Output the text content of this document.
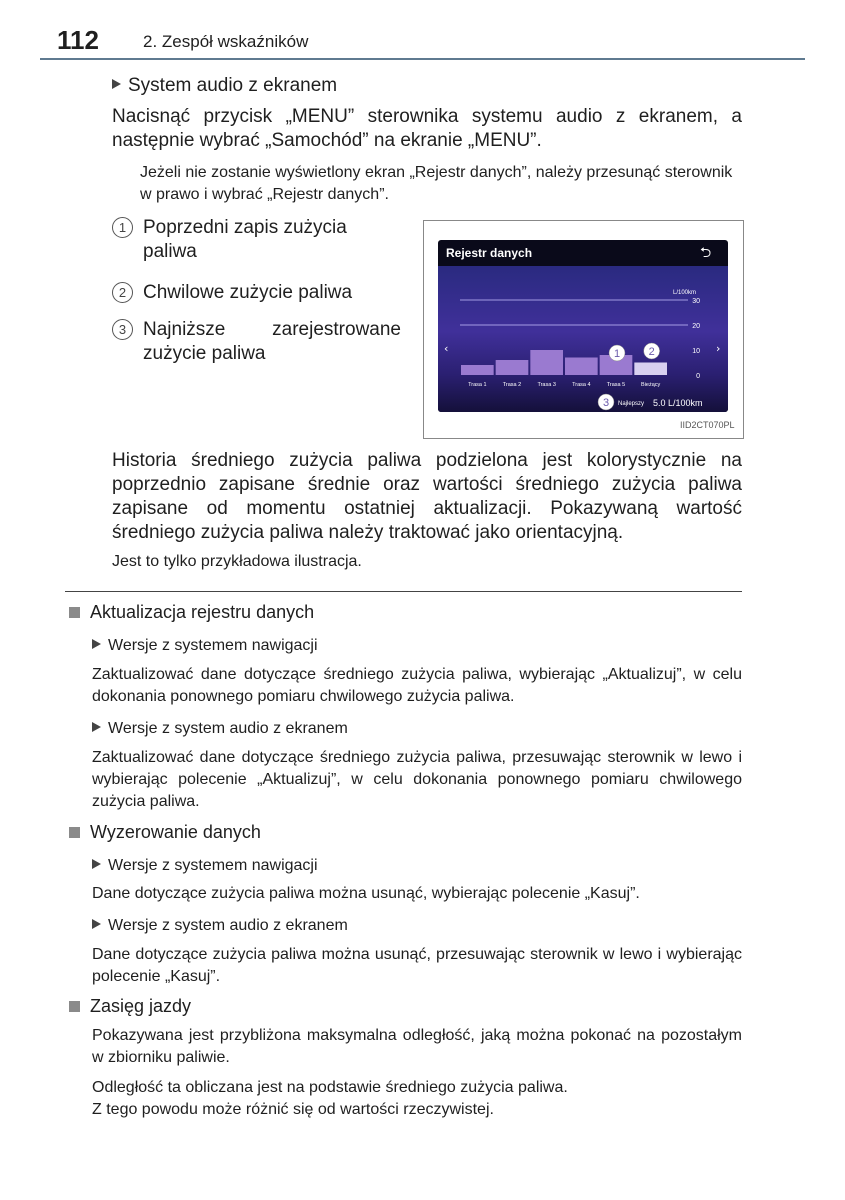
112	2. Zespół wskaźników
System audio z ekranem
Nacisnąć przycisk „MENU” sterownika systemu audio z ekranem, a następnie wybrać „Samochód” na ekranie „MENU”.
Jeżeli nie zostanie wyświetlony ekran „Rejestr danych”, należy przesunąć sterownik w prawo i wybrać „Rejestr danych”.
1 Poprzedni zapis zużycia paliwa
2 Chwilowe zużycie paliwa
3 Najniższe zarejestrowane zużycie paliwa
Rejestr danych	⮌
L/100km
30
20
10
0
‹	›
Trasa 1	Trasa 2	Trasa 3	Trasa 4	Trasa 5	Bieżący
1	2
3 Najlepszy 5.0 L/100km
IID2CT070PL
Historia średniego zużycia paliwa podzielona jest kolorystycznie na poprzednio zapisane średnie oraz wartości średniego zużycia paliwa zapisane od momentu ostatniej aktualizacji. Pokazywaną wartość średniego zużycia paliwa należy traktować jako orientacyjną.
Jest to tylko przykładowa ilustracja.
Aktualizacja rejestru danych
Wersje z systemem nawigacji
Zaktualizować dane dotyczące średniego zużycia paliwa, wybierając „Aktualizuj”, w celu dokonania ponownego pomiaru chwilowego zużycia paliwa.
Wersje z system audio z ekranem
Zaktualizować dane dotyczące średniego zużycia paliwa, przesuwając sterownik w lewo i wybierając polecenie „Aktualizuj”, w celu dokonania ponownego pomiaru chwilowego zużycia paliwa.
Wyzerowanie danych
Wersje z systemem nawigacji
Dane dotyczące zużycia paliwa można usunąć, wybierając polecenie „Kasuj”.
Wersje z system audio z ekranem
Dane dotyczące zużycia paliwa można usunąć, przesuwając sterownik w lewo i wybierając polecenie „Kasuj”.
Zasięg jazdy
Pokazywana jest przybliżona maksymalna odległość, jaką można pokonać na pozostałym w zbiorniku paliwie.
Odległość ta obliczana jest na podstawie średniego zużycia paliwa.
Z tego powodu może różnić się od wartości rzeczywistej.
